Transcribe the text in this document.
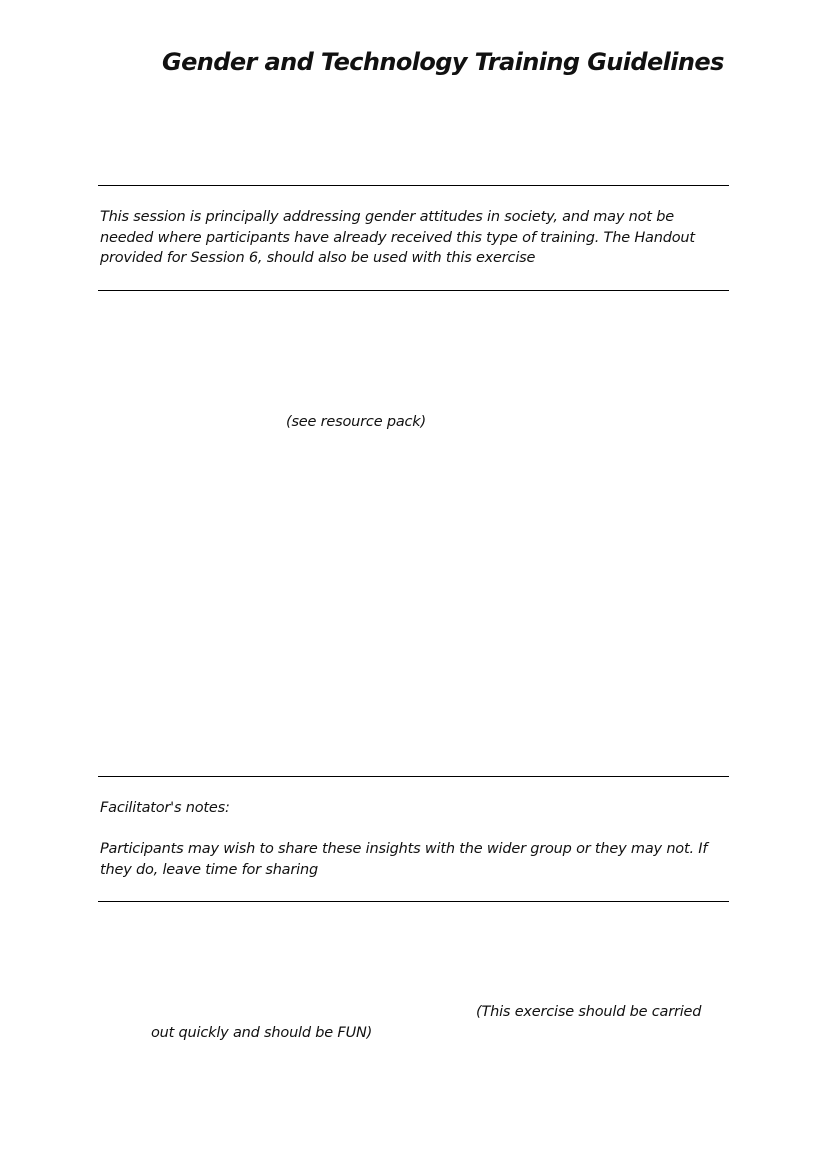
Gender and Technology Training Guidelines
This session is principally addressing gender attitudes in society, and may not be
needed where participants have already received this type of training. The Handout
provided for Session 6, should also be used with this exercise
(see resource pack)
Facilitator's notes:
Participants may wish to share these insights with the wider group or they may not. If
they do, leave time for sharing
(This exercise should be carried
out quickly and should be FUN)
